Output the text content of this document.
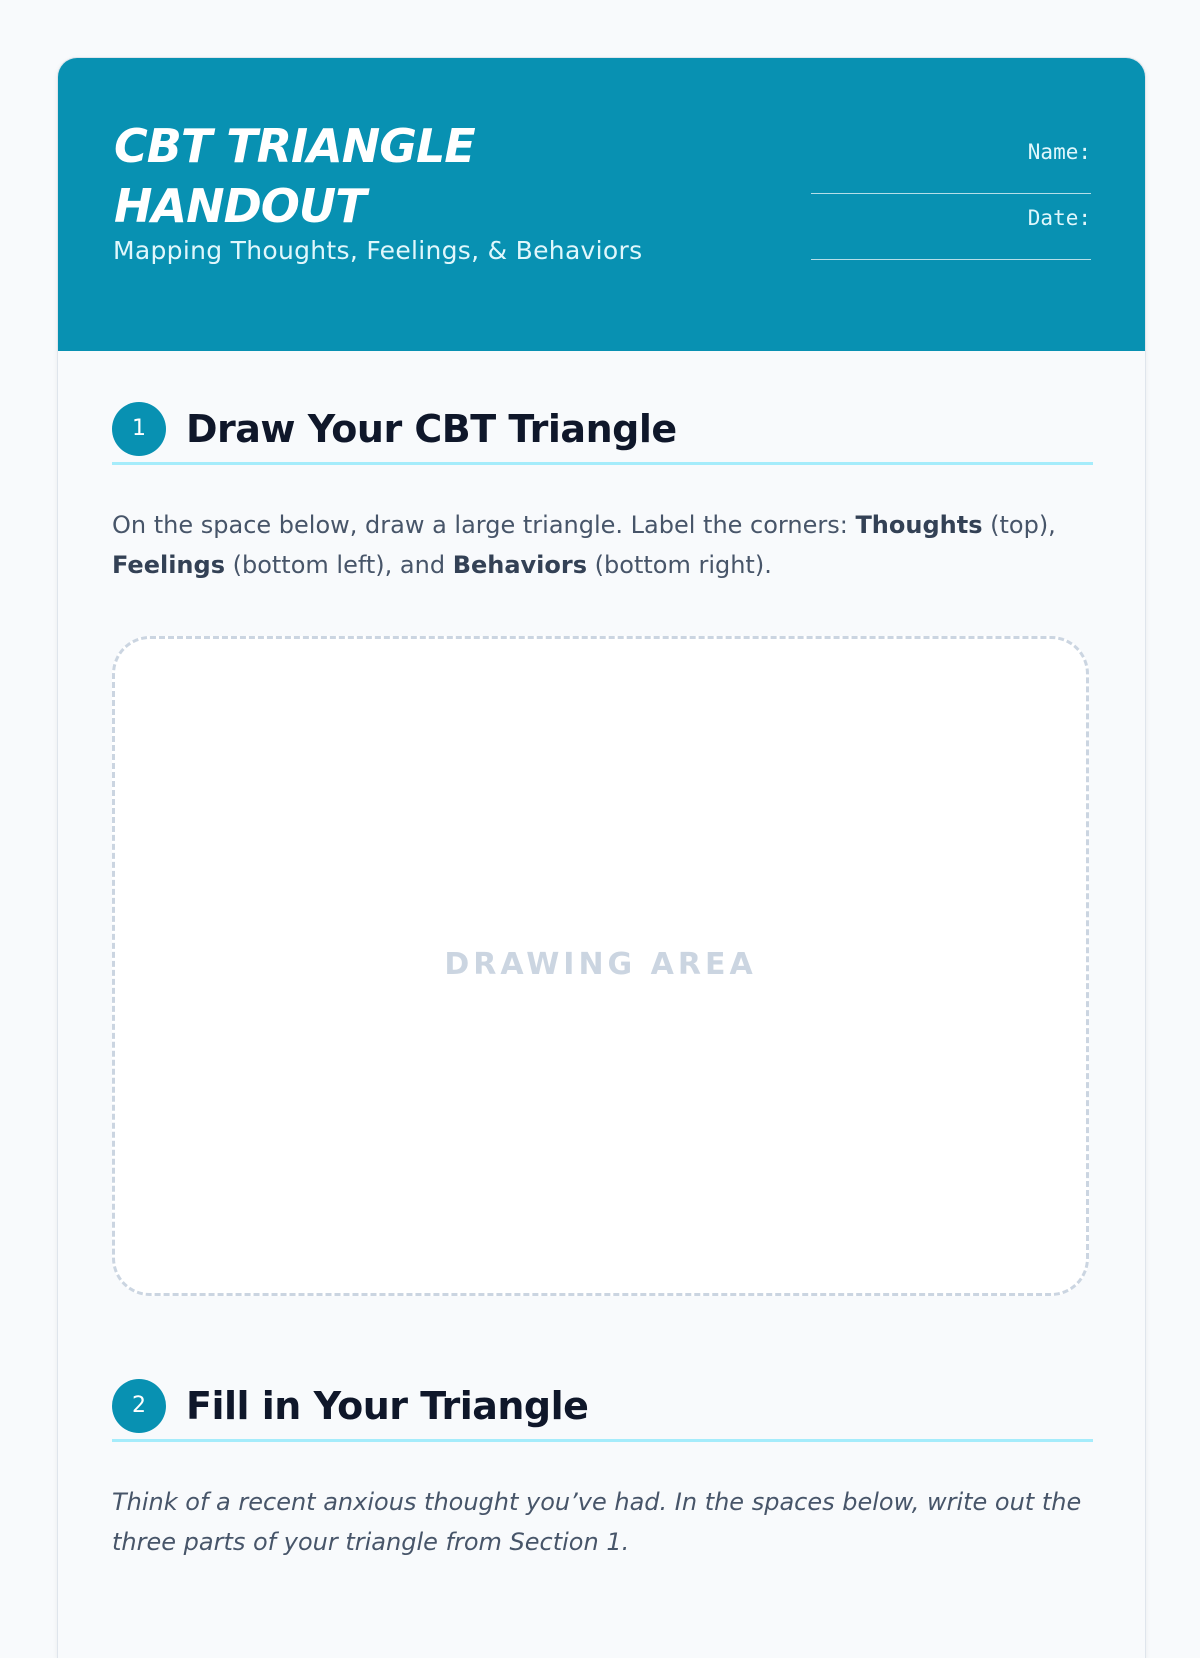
CBT TRIANGLE HANDOUT

Mapping Thoughts, Feelings, & Behaviors

Name:
Date:
1	Draw Your CBT Triangle

On the space below, draw a large triangle. Label the corners: Thoughts (top), Feelings (bottom left), and Behaviors (bottom right).

DRAWING AREA
2	Fill in Your Triangle

Think of a recent anxious thought you’ve had. In the spaces below, write out the three parts of your triangle from Section 1.
